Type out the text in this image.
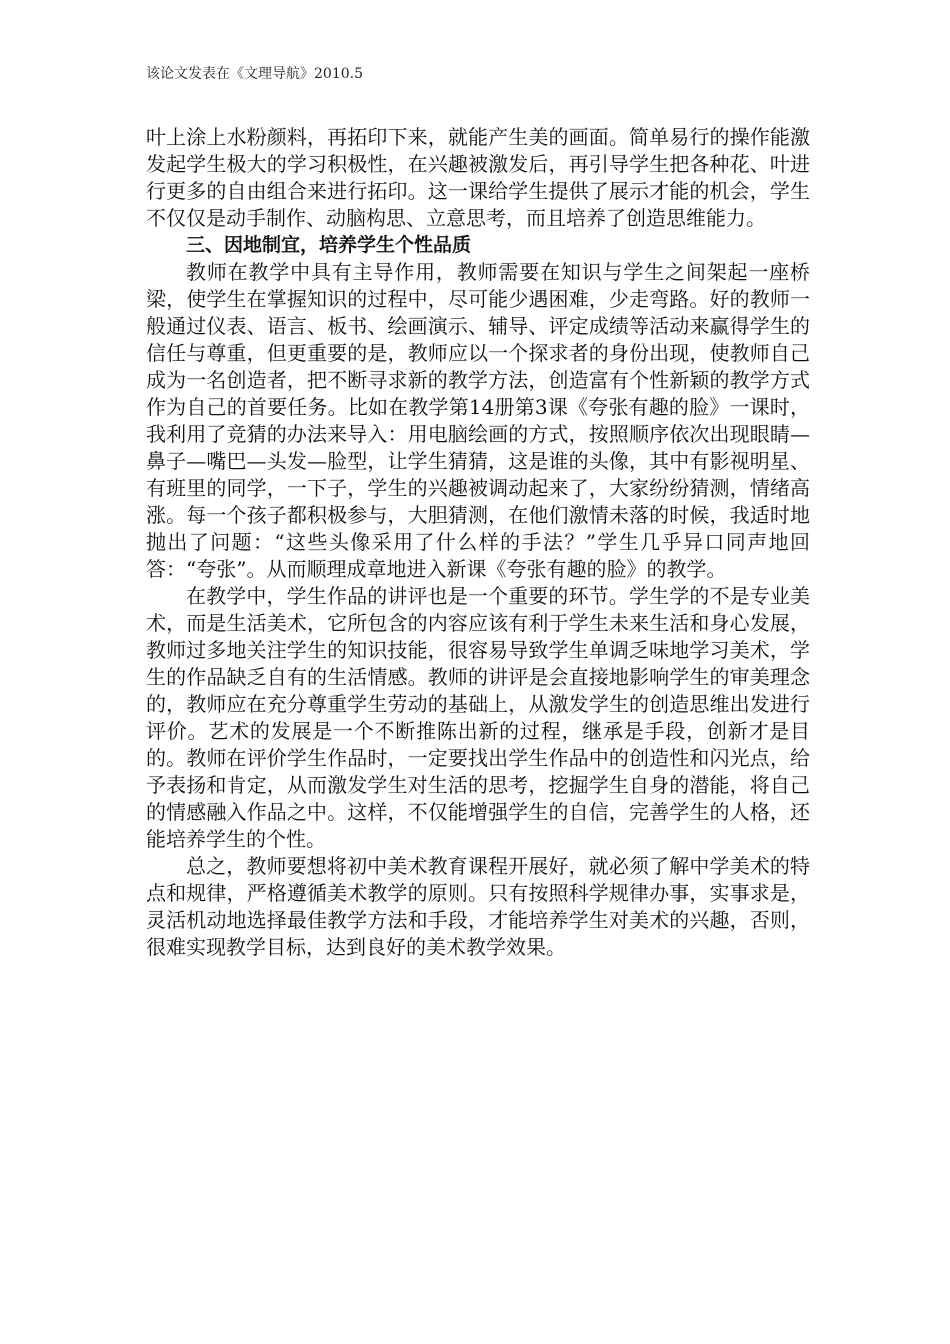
该论文发表在《文理导航》2010.5

叶上涂上水粉颜料，再拓印下来，就能产生美的画面。简单易行的操作能激发起学生极大的学习积极性，在兴趣被激发后，再引导学生把各种花、叶进行更多的自由组合来进行拓印。这一课给学生提供了展示才能的机会，学生不仅仅是动手制作、动脑构思、立意思考，而且培养了创造思维能力。

三、因地制宜，培养学生个性品质

教师在教学中具有主导作用，教师需要在知识与学生之间架起一座桥梁，使学生在掌握知识的过程中，尽可能少遇困难，少走弯路。好的教师一般通过仪表、语言、板书、绘画演示、辅导、评定成绩等活动来赢得学生的信任与尊重，但更重要的是，教师应以一个探求者的身份出现，使教师自己成为一名创造者，把不断寻求新的教学方法，创造富有个性新颖的教学方式作为自己的首要任务。比如在教学第14册第3课《夸张有趣的脸》一课时，我利用了竞猜的办法来导入：用电脑绘画的方式，按照顺序依次出现眼睛—鼻子—嘴巴—头发—脸型，让学生猜猜，这是谁的头像，其中有影视明星、有班里的同学，一下子，学生的兴趣被调动起来了，大家纷纷猜测，情绪高涨。每一个孩子都积极参与，大胆猜测，在他们激情未落的时候，我适时地抛出了问题：“这些头像采用了什么样的手法？”学生几乎异口同声地回答：“夸张”。从而顺理成章地进入新课《夸张有趣的脸》的教学。

在教学中，学生作品的讲评也是一个重要的环节。学生学的不是专业美术，而是生活美术，它所包含的内容应该有利于学生未来生活和身心发展，教师过多地关注学生的知识技能，很容易导致学生单调乏味地学习美术，学生的作品缺乏自有的生活情感。教师的讲评是会直接地影响学生的审美理念的，教师应在充分尊重学生劳动的基础上，从激发学生的创造思维出发进行评价。艺术的发展是一个不断推陈出新的过程，继承是手段，创新才是目的。教师在评价学生作品时，一定要找出学生作品中的创造性和闪光点，给予表扬和肯定，从而激发学生对生活的思考，挖掘学生自身的潜能，将自己的情感融入作品之中。这样，不仅能增强学生的自信，完善学生的人格，还能培养学生的个性。

总之，教师要想将初中美术教育课程开展好，就必须了解中学美术的特点和规律，严格遵循美术教学的原则。只有按照科学规律办事，实事求是，灵活机动地选择最佳教学方法和手段，才能培养学生对美术的兴趣，否则，很难实现教学目标，达到良好的美术教学效果。
